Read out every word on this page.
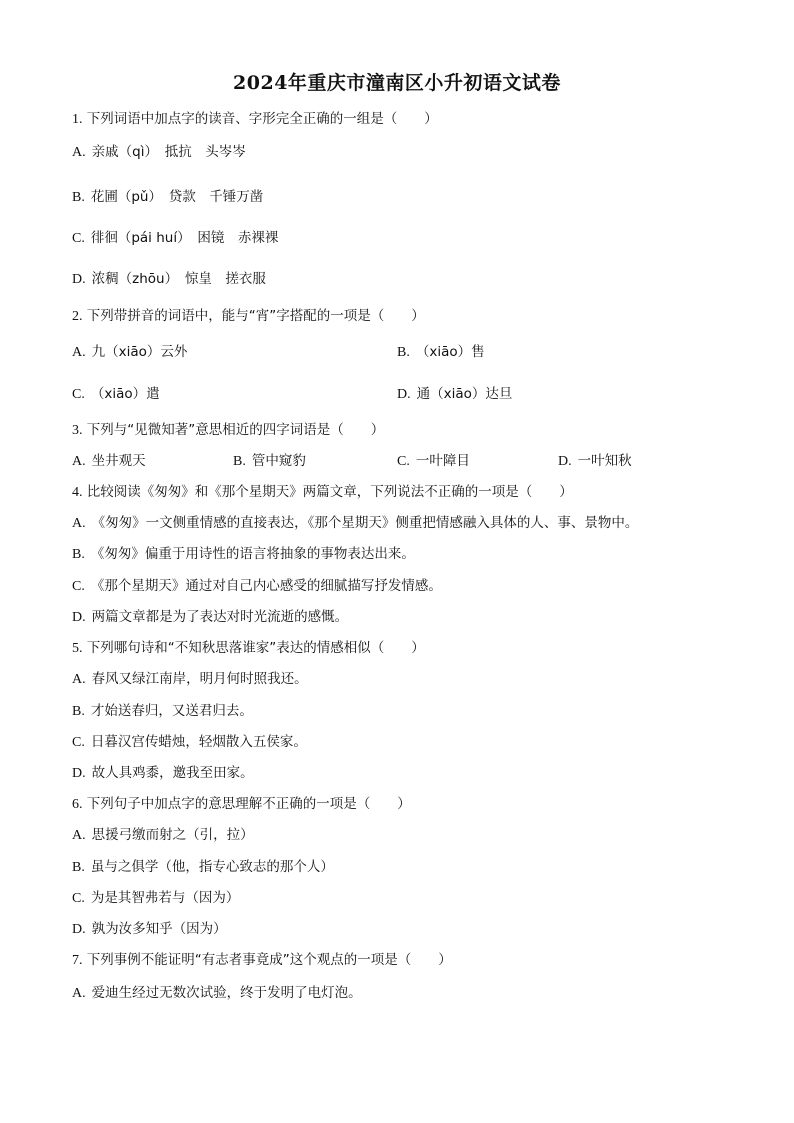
2024年重庆市潼南区小升初语文试卷
1. 下列词语中加点字的读音、字形完全正确的一组是（　　）
A. 亲戚（qì）　抵抗　头岑岑
B. 花圃（pǔ）　贷款　千锤万凿
C. 徘徊（pái huí）　困镜　赤裸裸
D. 浓稠（zhōu）　惊皇　搓衣服
2. 下列带拼音的词语中，能与“宵”字搭配的一项是（　　）
A. 九（xiāo）云外	B. （xiāo）售
C. （xiāo）遣	D. 通（xiāo）达旦
3. 下列与“见微知著”意思相近的四字词语是（　　）
A. 坐井观天	B. 管中窥豹	C. 一叶障目	D. 一叶知秋
4. 比较阅读《匆匆》和《那个星期天》两篇文章，下列说法不正确的一项是（　　）
A. 《匆匆》一文侧重情感的直接表达，《那个星期天》侧重把情感融入具体的人、事、景物中。
B. 《匆匆》偏重于用诗性的语言将抽象的事物表达出来。
C. 《那个星期天》通过对自己内心感受的细腻描写抒发情感。
D. 两篇文章都是为了表达对时光流逝的感慨。
5. 下列哪句诗和“不知秋思落谁家”表达的情感相似（　　）
A. 春风又绿江南岸，明月何时照我还。
B. 才始送春归，又送君归去。
C. 日暮汉宫传蜡烛，轻烟散入五侯家。
D. 故人具鸡黍，邀我至田家。
6. 下列句子中加点字的意思理解不正确的一项是（　　）
A. 思援弓缴而射之（引，拉）
B. 虽与之俱学（他，指专心致志的那个人）
C. 为是其智弗若与（因为）
D. 孰为汝多知乎（因为）
7. 下列事例不能证明“有志者事竟成”这个观点的一项是（　　）
A. 爱迪生经过无数次试验，终于发明了电灯泡。
